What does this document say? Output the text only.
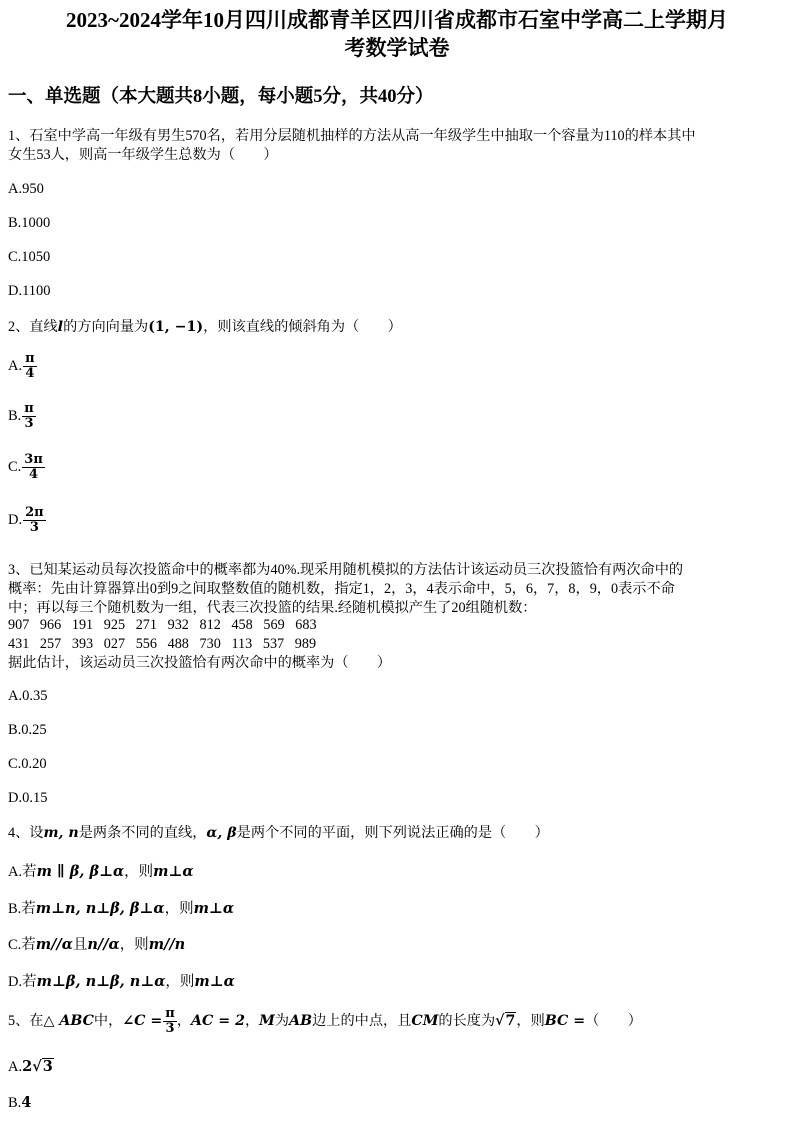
2023~2024学年10月四川成都青羊区四川省成都市石室中学高二上学期月
考数学试卷
一、单选题（本大题共8小题，每小题5分，共40分）
1、石室中学高一年级有男生570名，若用分层随机抽样的方法从高一年级学生中抽取一个容量为110的样本其中
女生53人，则高一年级学生总数为（　　）
A.950
B.1000
C.1050
D.1100
2、直线l的方向向量为(1, −1)，则该直线的倾斜角为（　　）
A. $\frac{\pi}{4}$
B. $\frac{\pi}{3}$
C. $\frac{3\pi}{4}$
D. $\frac{2\pi}{3}$
3、已知某运动员每次投篮命中的概率都为40%.现采用随机模拟的方法估计该运动员三次投篮恰有两次命中的
概率：先由计算器算出0到9之间取整数值的随机数，指定1，2，3，4表示命中，5，6，7，8，9，0表示不命
中；再以每三个随机数为一组，代表三次投篮的结果.经随机模拟产生了20组随机数：
907   966   191   925   271   932   812   458   569   683
431   257   393   027   556   488   730   113   537   989
据此估计，该运动员三次投篮恰有两次命中的概率为（　　）
A.0.35
B.0.25
C.0.20
D.0.15
4、设m, n是两条不同的直线，α, β是两个不同的平面，则下列说法正确的是（　　）
A.若m ∥ β, β⊥α，则m⊥α
B.若m⊥n, n⊥β, β⊥α，则m⊥α
C.若m//α且n//α，则m//n
D.若m⊥β, n⊥β, n⊥α，则m⊥α
5、在△ ABC中，∠C = $\frac{\pi}{3}$ ，AC = 2，M为AB边上的中点，且CM的长度为√7，则BC =（　　）
A.2√3
B.4
